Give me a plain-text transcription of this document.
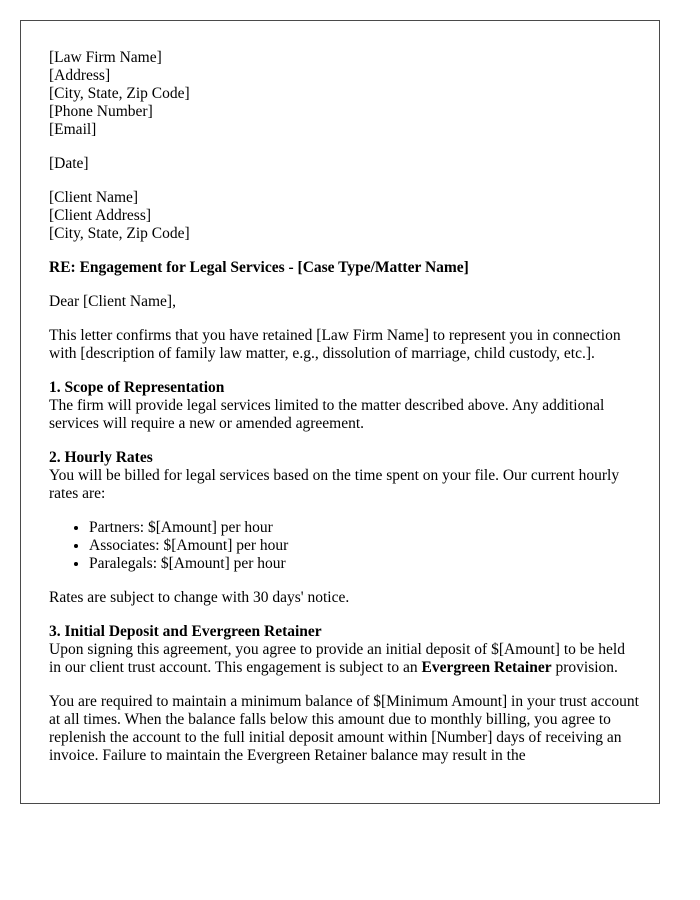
[Law Firm Name]

[Address]

[City, State, Zip Code]

[Phone Number]

[Email]

[Date]

[Client Name]

[Client Address]

[City, State, Zip Code]

RE: Engagement for Legal Services - [Case Type/Matter Name]

Dear [Client Name],

This letter confirms that you have retained [Law Firm Name] to represent you in connection with [description of family law matter, e.g., dissolution of marriage, child custody, etc.].

1. Scope of Representation

The firm will provide legal services limited to the matter described above. Any additional services will require a new or amended agreement.

2. Hourly Rates

You will be billed for legal services based on the time spent on your file. Our current hourly rates are:

• Partners: $[Amount] per hour
• Associates: $[Amount] per hour
• Paralegals: $[Amount] per hour

Rates are subject to change with 30 days' notice.

3. Initial Deposit and Evergreen Retainer

Upon signing this agreement, you agree to provide an initial deposit of $[Amount] to be held in our client trust account. This engagement is subject to an Evergreen Retainer provision.

You are required to maintain a minimum balance of $[Minimum Amount] in your trust account at all times. When the balance falls below this amount due to monthly billing, you agree to replenish the account to the full initial deposit amount within [Number] days of receiving an invoice. Failure to maintain the Evergreen Retainer balance may result in the
